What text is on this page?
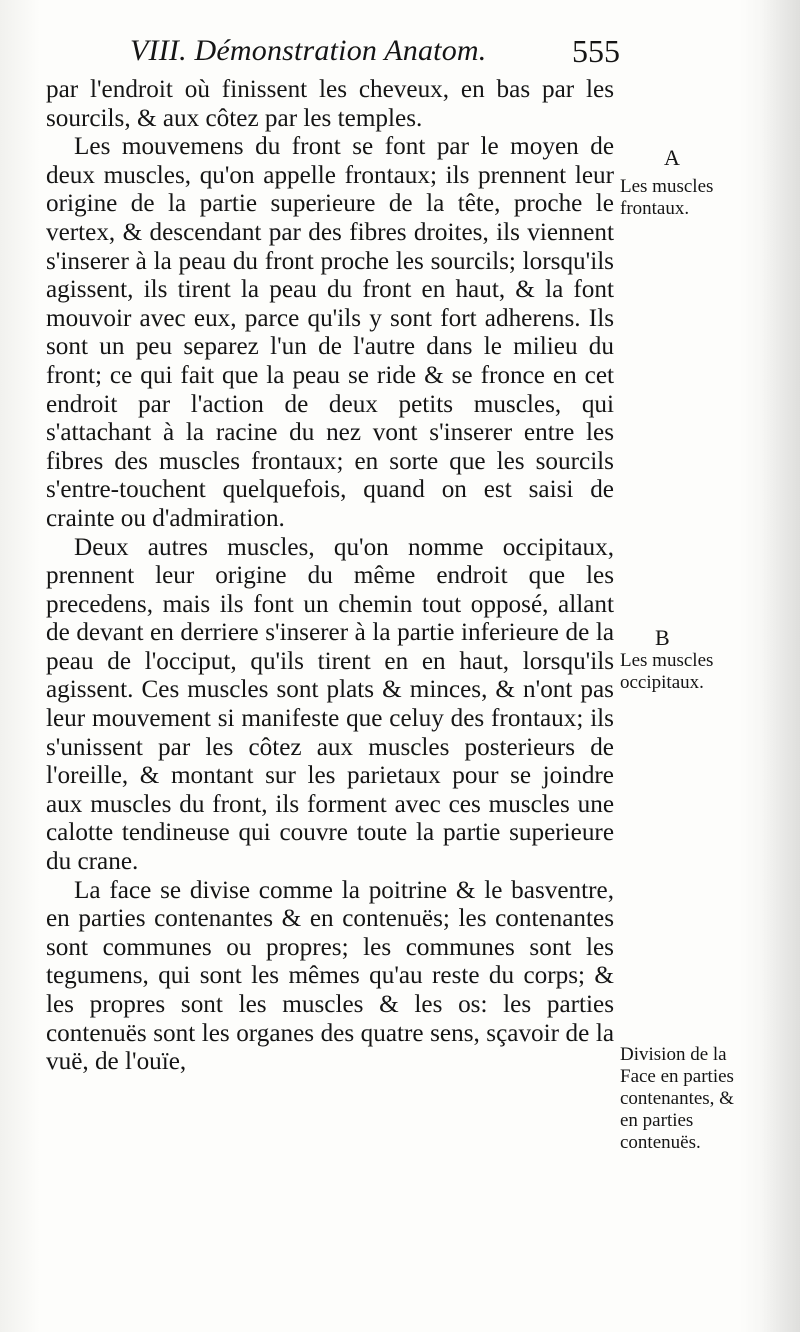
VIII. Démonstration Anatom.	555

par l'endroit où finissent les cheveux, en bas par les sourcils, & aux côtez par les temples.

Les mouvemens du front se font par le moyen de deux muscles, qu'on appelle frontaux; ils prennent leur origine de la partie superieure de la tête, proche le vertex, & descendant par des fibres droites, ils viennent s'inserer à la peau du front proche les sourcils; lorsqu'ils agissent, ils tirent la peau du front en haut, & la font mouvoir avec eux, parce qu'ils y sont fort adherens. Ils sont un peu separez l'un de l'autre dans le milieu du front; ce qui fait que la peau se ride & se fronce en cet endroit par l'action de deux petits muscles, qui s'attachant à la racine du nez vont s'inserer entre les fibres des muscles frontaux; en sorte que les sourcils s'entre-touchent quelquefois, quand on est saisi de crainte ou d'admiration.

Deux autres muscles, qu'on nomme occipitaux, prennent leur origine du même endroit que les precedens, mais ils font un chemin tout opposé, allant de devant en derriere s'inserer à la partie inferieure de la peau de l'occiput, qu'ils tirent en en haut, lorsqu'ils agissent. Ces muscles sont plats & minces, & n'ont pas leur mouvement si manifeste que celuy des frontaux; ils s'unissent par les côtez aux muscles posterieurs de l'oreille, & montant sur les parietaux pour se joindre aux muscles du front, ils forment avec ces muscles une calotte tendineuse qui couvre toute la partie superieure du crane.

La face se divise comme la poitrine & le basventre, en parties contenantes & en contenuës; les contenantes sont communes ou propres; les communes sont les tegumens, qui sont les mêmes qu'au reste du corps; & les propres sont les muscles & les os: les parties contenuës sont les organes des quatre sens, sçavoir de la vuë, de l'ouïe,

A
Les muscles frontaux.
B
Les muscles occipitaux.
Division de la Face en parties contenantes, & en parties contenuës.
